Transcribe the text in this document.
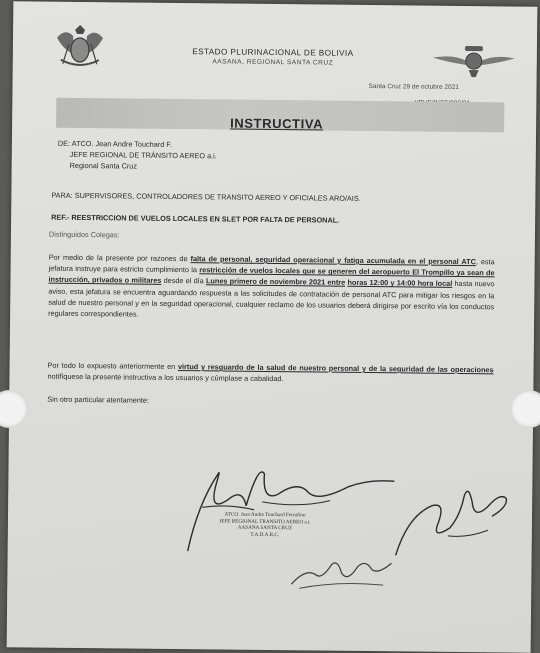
ESTADO PLURINACIONAL DE BOLIVIA
AASANA, REGIONAL SANTA CRUZ
Santa Cruz 29 de octubre 2021
INSTRUCTIVA
DE: ATCO. Jean Andre Touchard F.
JEFE REGIONAL DE TRÁNSITO AEREO a.i.
Regional Santa Cruz
PARA: SUPERVISORES, CONTROLADORES DE TRANSITO AEREO Y OFICIALES ARO/AIS.
REF.- REESTRICCION DE VUELOS LOCALES EN SLET POR FALTA DE PERSONAL.
Distinguidos Colegas:
Por medio de la presente por razones de falta de personal, seguridad operacional y fatiga acumulada en el personal ATC, esta jefatura instruye para estricto cumplimiento la restricción de vuelos locales que se generen del aeropuerto El Trompillo ya sean de instrucción, privados o militares desde el día Lunes primero de noviembre 2021 entre horas 12:00 y 14:00 hora local hasta nuevo aviso, esta jefatura se encuentra aguardando respuesta a las solicitudes de contratación de personal ATC para mitigar los riesgos en la salud de nuestro personal y en la seguridad operacional, cualquier reclamo de los usuarios deberá dirigirse por escrito vía los conductos regulares correspondientes.
Por todo lo expuesto anteriormente en virtud y resguardo de la salud de nuestro personal y de la seguridad de las operaciones notifíquese la presente instructiva a los usuarios y cúmplase a cabalidad.
Sin otro particular atentamente:
ATCO. Jean Andre Touchard Ferrufino
JEFE REGIONAL TRANSITO AEREO a.i.
AASANA SANTA CRUZ
T.A.D.A.R.C.
